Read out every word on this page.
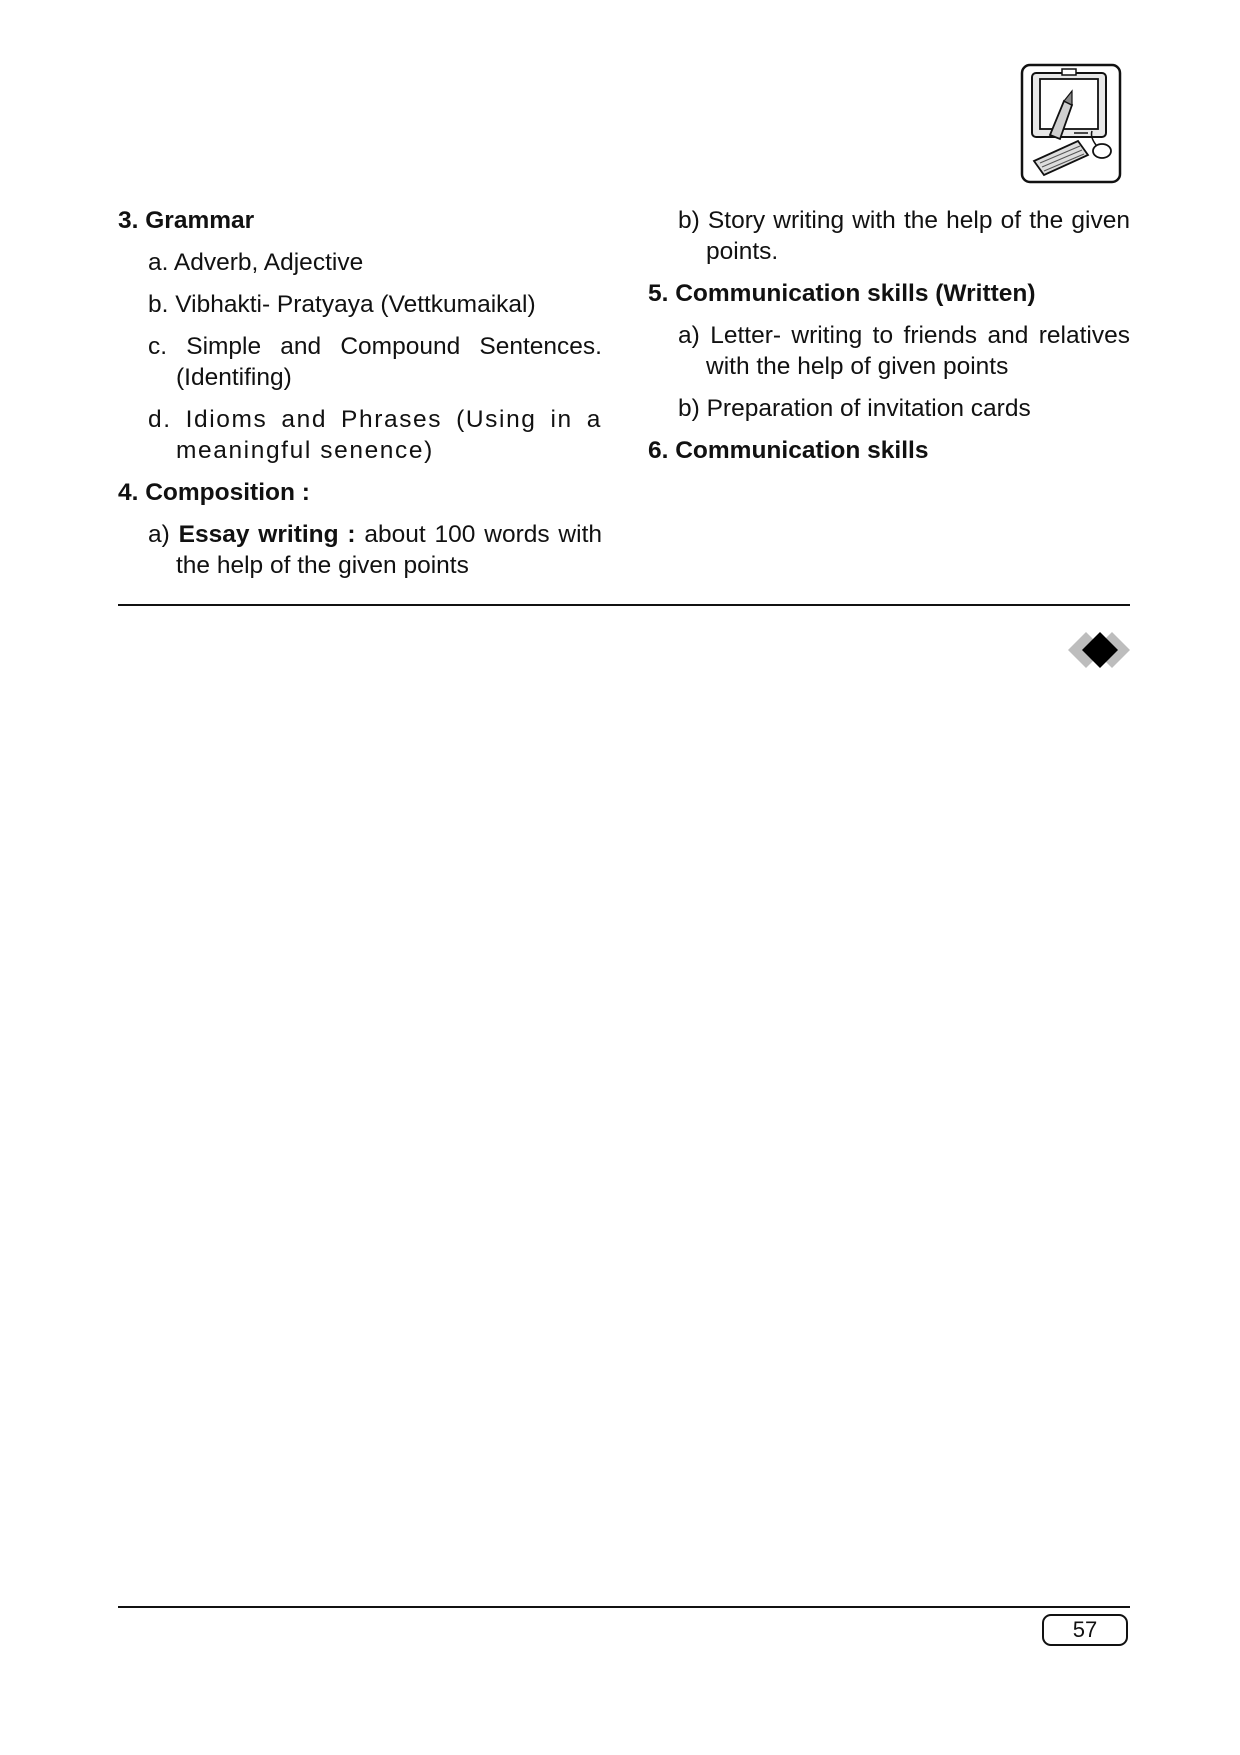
3. Grammar
a. Adverb, Adjective
b. Vibhakti- Pratyaya (Vettkumaikal)
c. Simple and Compound Sentences. (Identifing)
d. Idioms and Phrases (Using in a meaningful senence)
4. Composition :
a) Essay writing : about 100 words with the help of the given points
b) Story writing with the help of the given points.
5. Communication skills (Written)
a) Letter- writing to friends and relatives with the help of given points
b) Preparation of invitation cards
6. Communication skills
57
